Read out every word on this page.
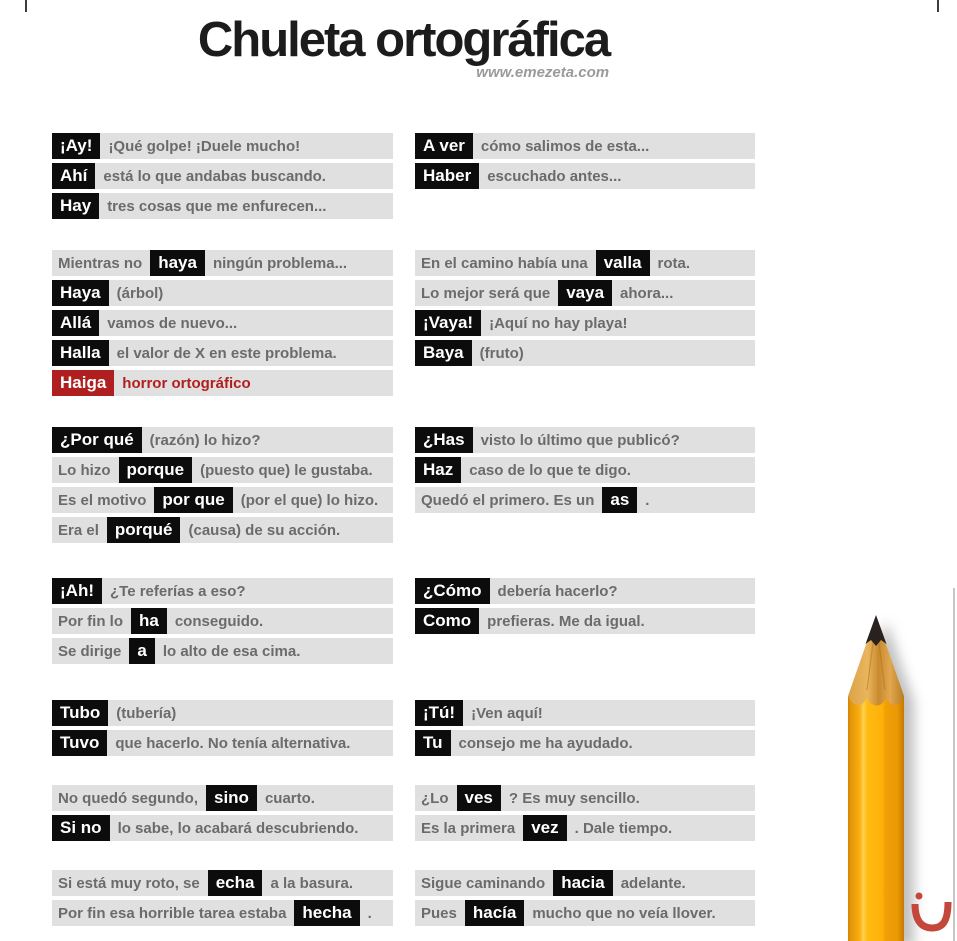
Chuleta ortográfica
www.emezeta.com
¡Ay!	¡Qué golpe! ¡Duele mucho!
Ahí	está lo que andabas buscando.
Hay	tres cosas que me enfurecen...
A ver	cómo salimos de esta...
Haber	escuchado antes...
Mientras no haya	ningún problema...
Haya	(árbol)
Allá	vamos de nuevo...
Halla	el valor de X en este problema.
Haiga	horror ortográfico
En el camino había una valla	rota.
Lo mejor será que vaya	ahora...
¡Vaya!	¡Aquí no hay playa!
Baya	(fruto)
¿Por qué	(razón) lo hizo?
Lo hizo porque	(puesto que) le gustaba.
Es el motivo por que	(por el que) lo hizo.
Era el porqué	(causa) de su acción.
¿Has	visto lo último que publicó?
Haz	caso de lo que te digo.
Quedó el primero. Es un as	.
¡Ah!	¿Te referías a eso?
Por fin lo ha	conseguido.
Se dirige a	lo alto de esa cima.
¿Cómo	debería hacerlo?
Como	prefieras. Me da igual.
Tubo	(tubería)
Tuvo	que hacerlo. No tenía alternativa.
¡Tú!	¡Ven aquí!
Tu	consejo me ha ayudado.
No quedó segundo, sino	cuarto.
Si no	lo sabe, lo acabará descubriendo.
¿Lo ves	? Es muy sencillo.
Es la primera vez	. Dale tiempo.
Si está muy roto, se echa	a la basura.
Por fin esa horrible tarea estaba hecha	.
Sigue caminando hacia	adelante.
Pues hacía	mucho que no veía llover.
